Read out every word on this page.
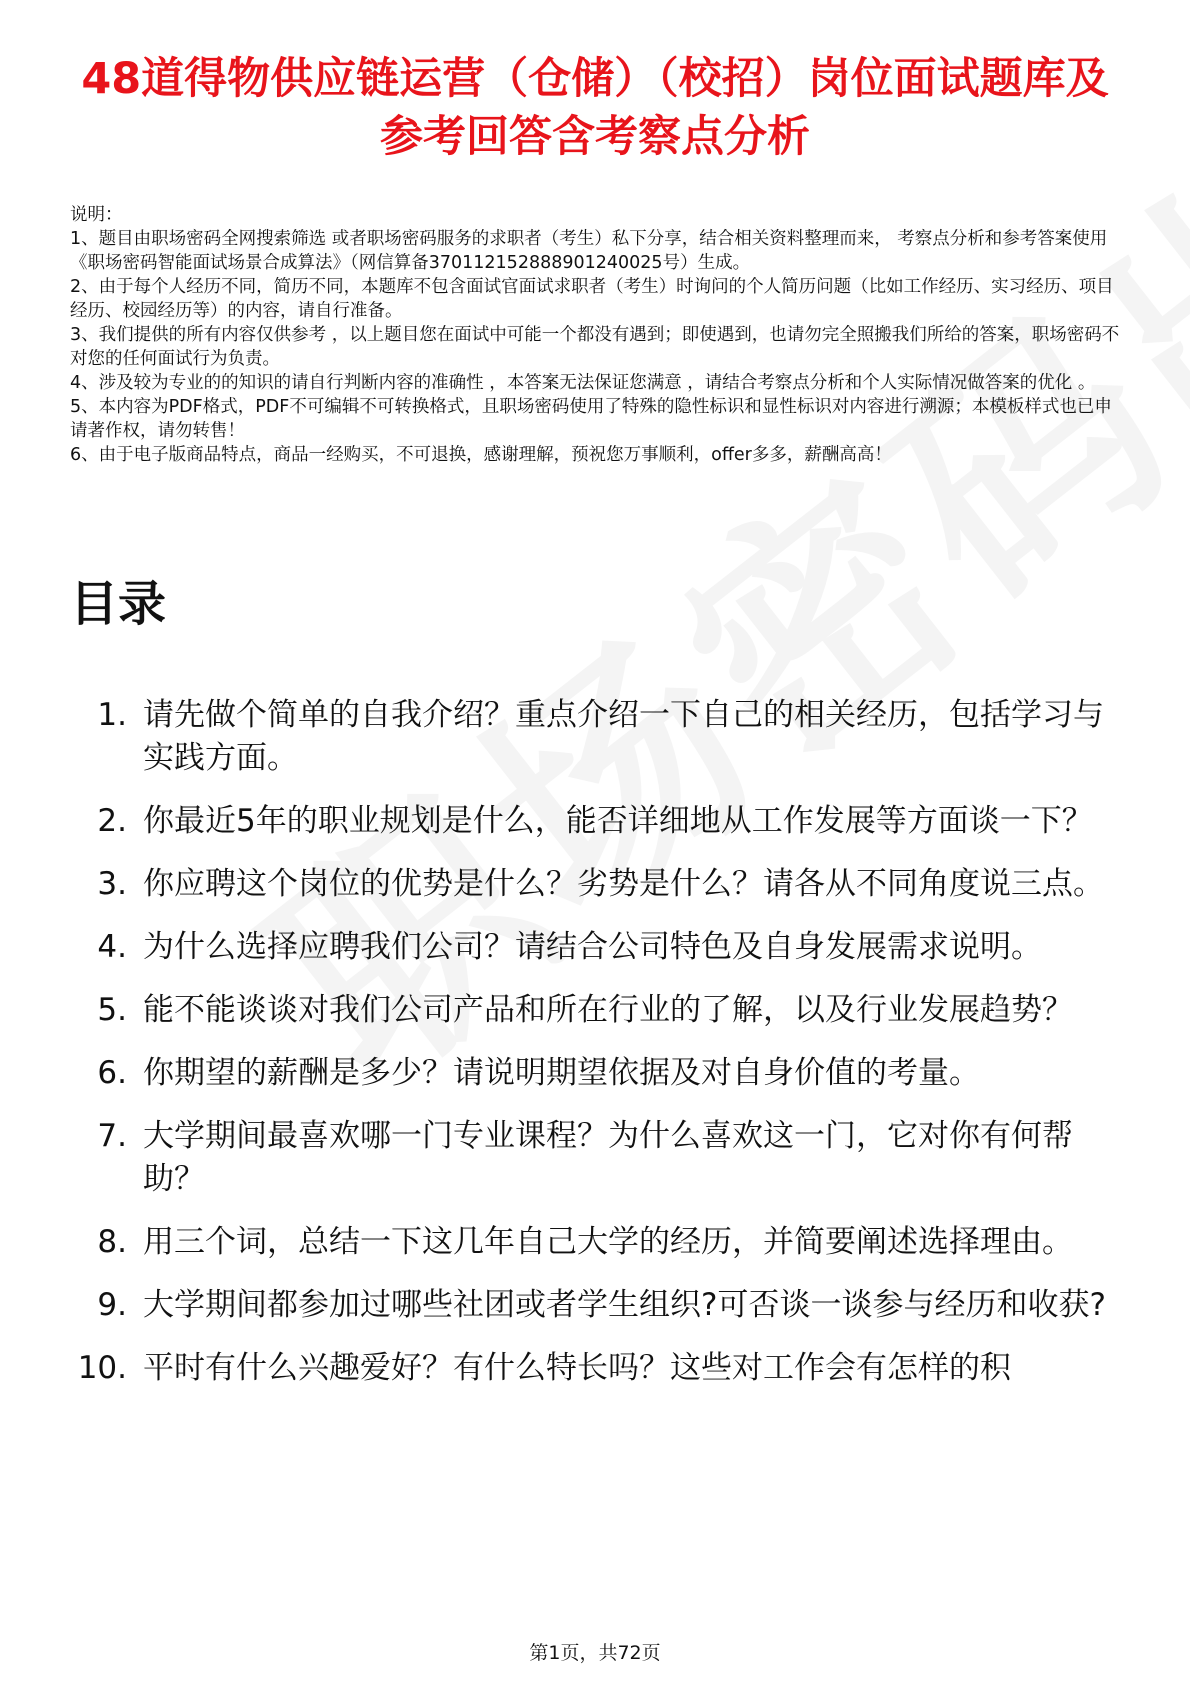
48道得物供应链运营（仓储）（校招）岗位面试题库及参考回答含考察点分析

说明：

1、题目由职场密码全网搜索筛选 或者职场密码服务的求职者（考生）私下分享，结合相关资料整理而来， 考察点分析和参考答案使用《职场密码智能面试场景合成算法》（网信算备370112152888901240025号）生成。

2、由于每个人经历不同，简历不同，本题库不包含面试官面试求职者（考生）时询问的个人简历问题（比如工作经历、实习经历、项目经历、校园经历等）的内容，请自行准备。

3、我们提供的所有内容仅供参考 ，以上题目您在面试中可能一个都没有遇到；即使遇到，也请勿完全照搬我们所给的答案，职场密码不对您的任何面试行为负责。

4、涉及较为专业的的知识的请自行判断内容的准确性 ，本答案无法保证您满意 ，请结合考察点分析和个人实际情况做答案的优化 。

5、本内容为PDF格式，PDF不可编辑不可转换格式，且职场密码使用了特殊的隐性标识和显性标识对内容进行溯源；本模板样式也已申请著作权，请勿转售！

6、由于电子版商品特点，商品一经购买，不可退换，感谢理解，预祝您万事顺利，offer多多，薪酬高高！

目录
1. 请先做个简单的自我介绍？重点介绍一下自己的相关经历，包括学习与实践方面。
2. 你最近5年的职业规划是什么，能否详细地从工作发展等方面谈一下？
3. 你应聘这个岗位的优势是什么？劣势是什么？请各从不同角度说三点。
4. 为什么选择应聘我们公司？请结合公司特色及自身发展需求说明。
5. 能不能谈谈对我们公司产品和所在行业的了解，以及行业发展趋势？
6. 你期望的薪酬是多少？请说明期望依据及对自身价值的考量。
7. 大学期间最喜欢哪一门专业课程？为什么喜欢这一门，它对你有何帮助？
8. 用三个词，总结一下这几年自己大学的经历，并简要阐述选择理由。
9. 大学期间都参加过哪些社团或者学生组织?可否谈一谈参与经历和收获?
10. 平时有什么兴趣爱好？有什么特长吗？这些对工作会有怎样的积
第1页，共72页
